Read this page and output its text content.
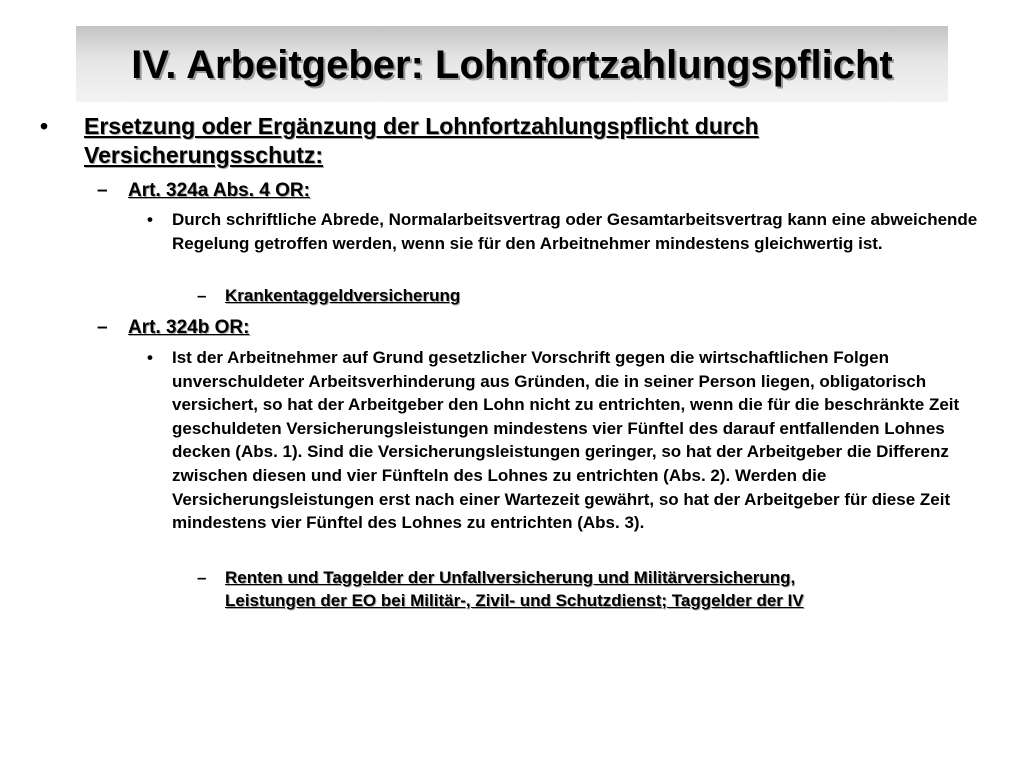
IV. Arbeitgeber: Lohnfortzahlungspflicht
• Ersetzung oder Ergänzung der Lohnfortzahlungspflicht durch
Versicherungsschutz:
– Art. 324a Abs. 4 OR:
• Durch schriftliche Abrede, Normalarbeitsvertrag oder Gesamtarbeitsvertrag kann eine abweichende Regelung getroffen werden, wenn sie für den Arbeitnehmer mindestens gleichwertig ist.
– Krankentaggeldversicherung
– Art. 324b OR:
• Ist der Arbeitnehmer auf Grund gesetzlicher Vorschrift gegen die wirtschaftlichen Folgen unverschuldeter Arbeitsverhinderung aus Gründen, die in seiner Person liegen, obligatorisch versichert, so hat der Arbeitgeber den Lohn nicht zu entrichten, wenn die für die beschränkte Zeit geschuldeten Versicherungsleistungen mindestens vier Fünftel des darauf entfallenden Lohnes decken (Abs. 1). Sind die Versicherungsleistungen geringer, so hat der Arbeitgeber die Differenz zwischen diesen und vier Fünfteln des Lohnes zu entrichten (Abs. 2). Werden die Versicherungsleistungen erst nach einer Wartezeit gewährt, so hat der Arbeitgeber für diese Zeit mindestens vier Fünftel des Lohnes zu entrichten (Abs. 3).
– Renten und Taggelder der Unfallversicherung und Militärversicherung,
Leistungen der EO bei Militär-, Zivil- und Schutzdienst; Taggelder der IV
